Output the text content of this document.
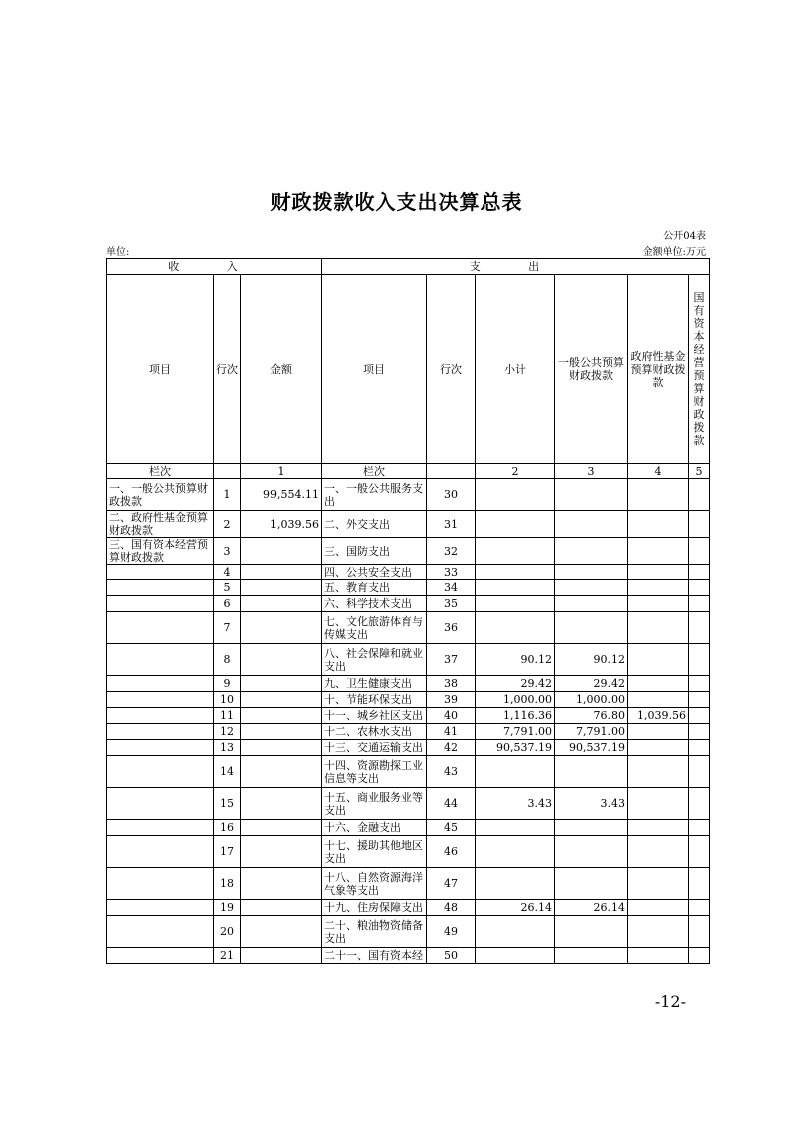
财政拨款收入支出决算总表
公开04表
单位:	金额单位:万元
收 入			支 出					
项目	行次	金额	项目	行次	小计	一般公共预算财政拨款	政府性基金预算财政拨款	国有资本经营预算财政拨款
栏次		1	栏次		2	3	4	5
一、一般公共预算财政拨款	1	99,554.11	一、一般公共服务支出	30				
二、政府性基金预算财政拨款	2	1,039.56	二、外交支出	31				
三、国有资本经营预算财政拨款	3		三、国防支出	32				
	4		四、公共安全支出	33				
	5		五、教育支出	34				
	6		六、科学技术支出	35				
	7		七、文化旅游体育与传媒支出	36				
	8		八、社会保障和就业支出	37	90.12	90.12		
	9		九、卫生健康支出	38	29.42	29.42		
	10		十、节能环保支出	39	1,000.00	1,000.00		
	11		十一、城乡社区支出	40	1,116.36	76.80	1,039.56	
	12		十二、农林水支出	41	7,791.00	7,791.00		
	13		十三、交通运输支出	42	90,537.19	90,537.19		
	14		十四、资源勘探工业信息等支出	43				
	15		十五、商业服务业等支出	44	3.43	3.43		
	16		十六、金融支出	45				
	17		十七、援助其他地区支出	46				
	18		十八、自然资源海洋气象等支出	47				
	19		十九、住房保障支出	48	26.14	26.14		
	20		二十、粮油物资储备支出	49				
	21		二十一、国有资本经	50				
-12-
